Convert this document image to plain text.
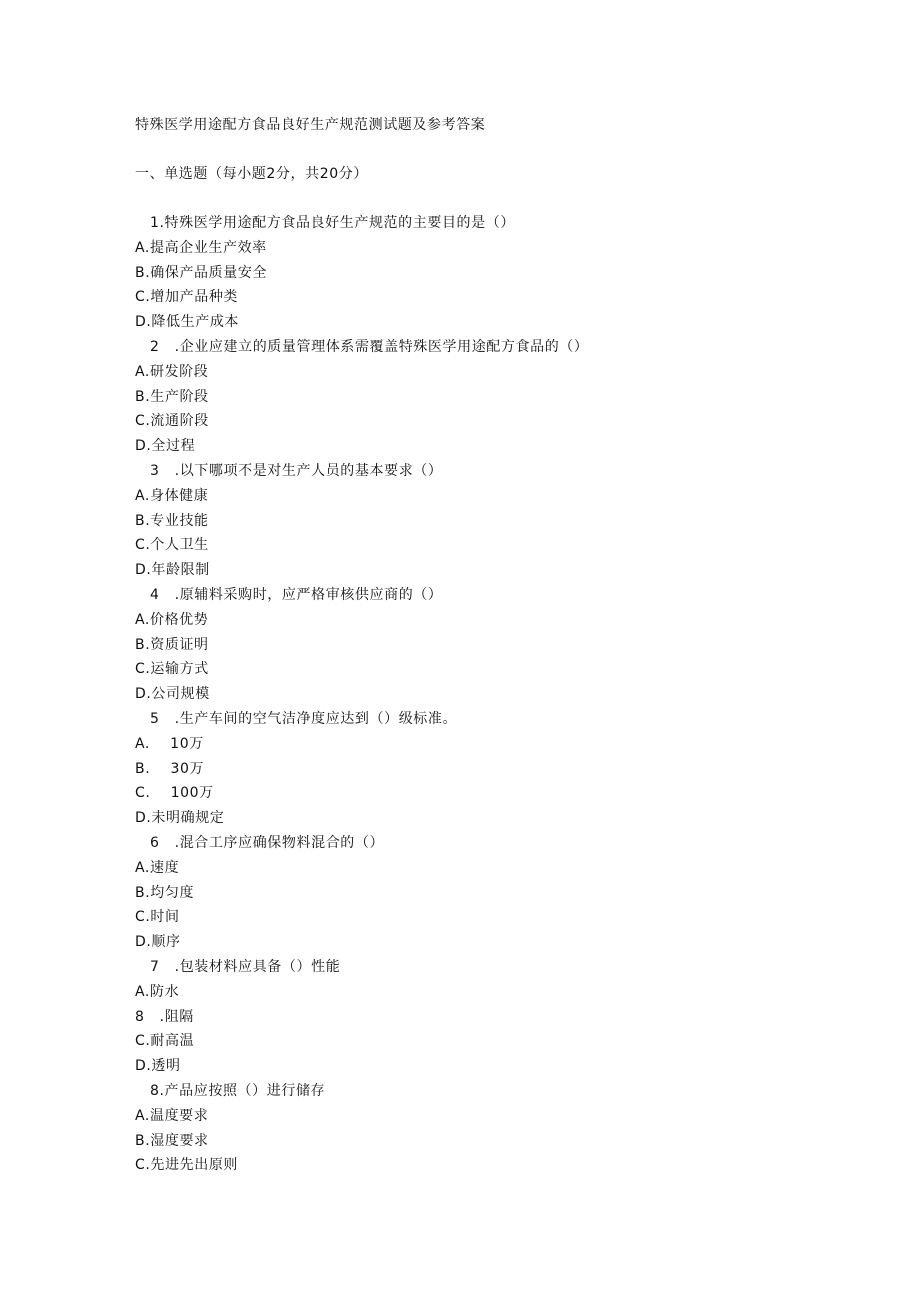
特殊医学用途配方食品良好生产规范测试题及参考答案
一、单选题（每小题2分，共20分）
1.特殊医学用途配方食品良好生产规范的主要目的是（）
A.提高企业生产效率
B.确保产品质量安全
C.增加产品种类
D.降低生产成本
2   .企业应建立的质量管理体系需覆盖特殊医学用途配方食品的（）
A.研发阶段
B.生产阶段
C.流通阶段
D.全过程
3   .以下哪项不是对生产人员的基本要求（）
A.身体健康
B.专业技能
C.个人卫生
D.年龄限制
4   .原辅料采购时，应严格审核供应商的（）
A.价格优势
B.资质证明
C.运输方式
D.公司规模
5   .生产车间的空气洁净度应达到（）级标准。
A.    10万
B.    30万
C.    100万
D.未明确规定
6   .混合工序应确保物料混合的（）
A.速度
B.均匀度
C.时间
D.顺序
7   .包装材料应具备（）性能
A.防水
8   .阻隔
C.耐高温
D.透明
8.产品应按照（）进行储存
A.温度要求
B.湿度要求
C.先进先出原则
